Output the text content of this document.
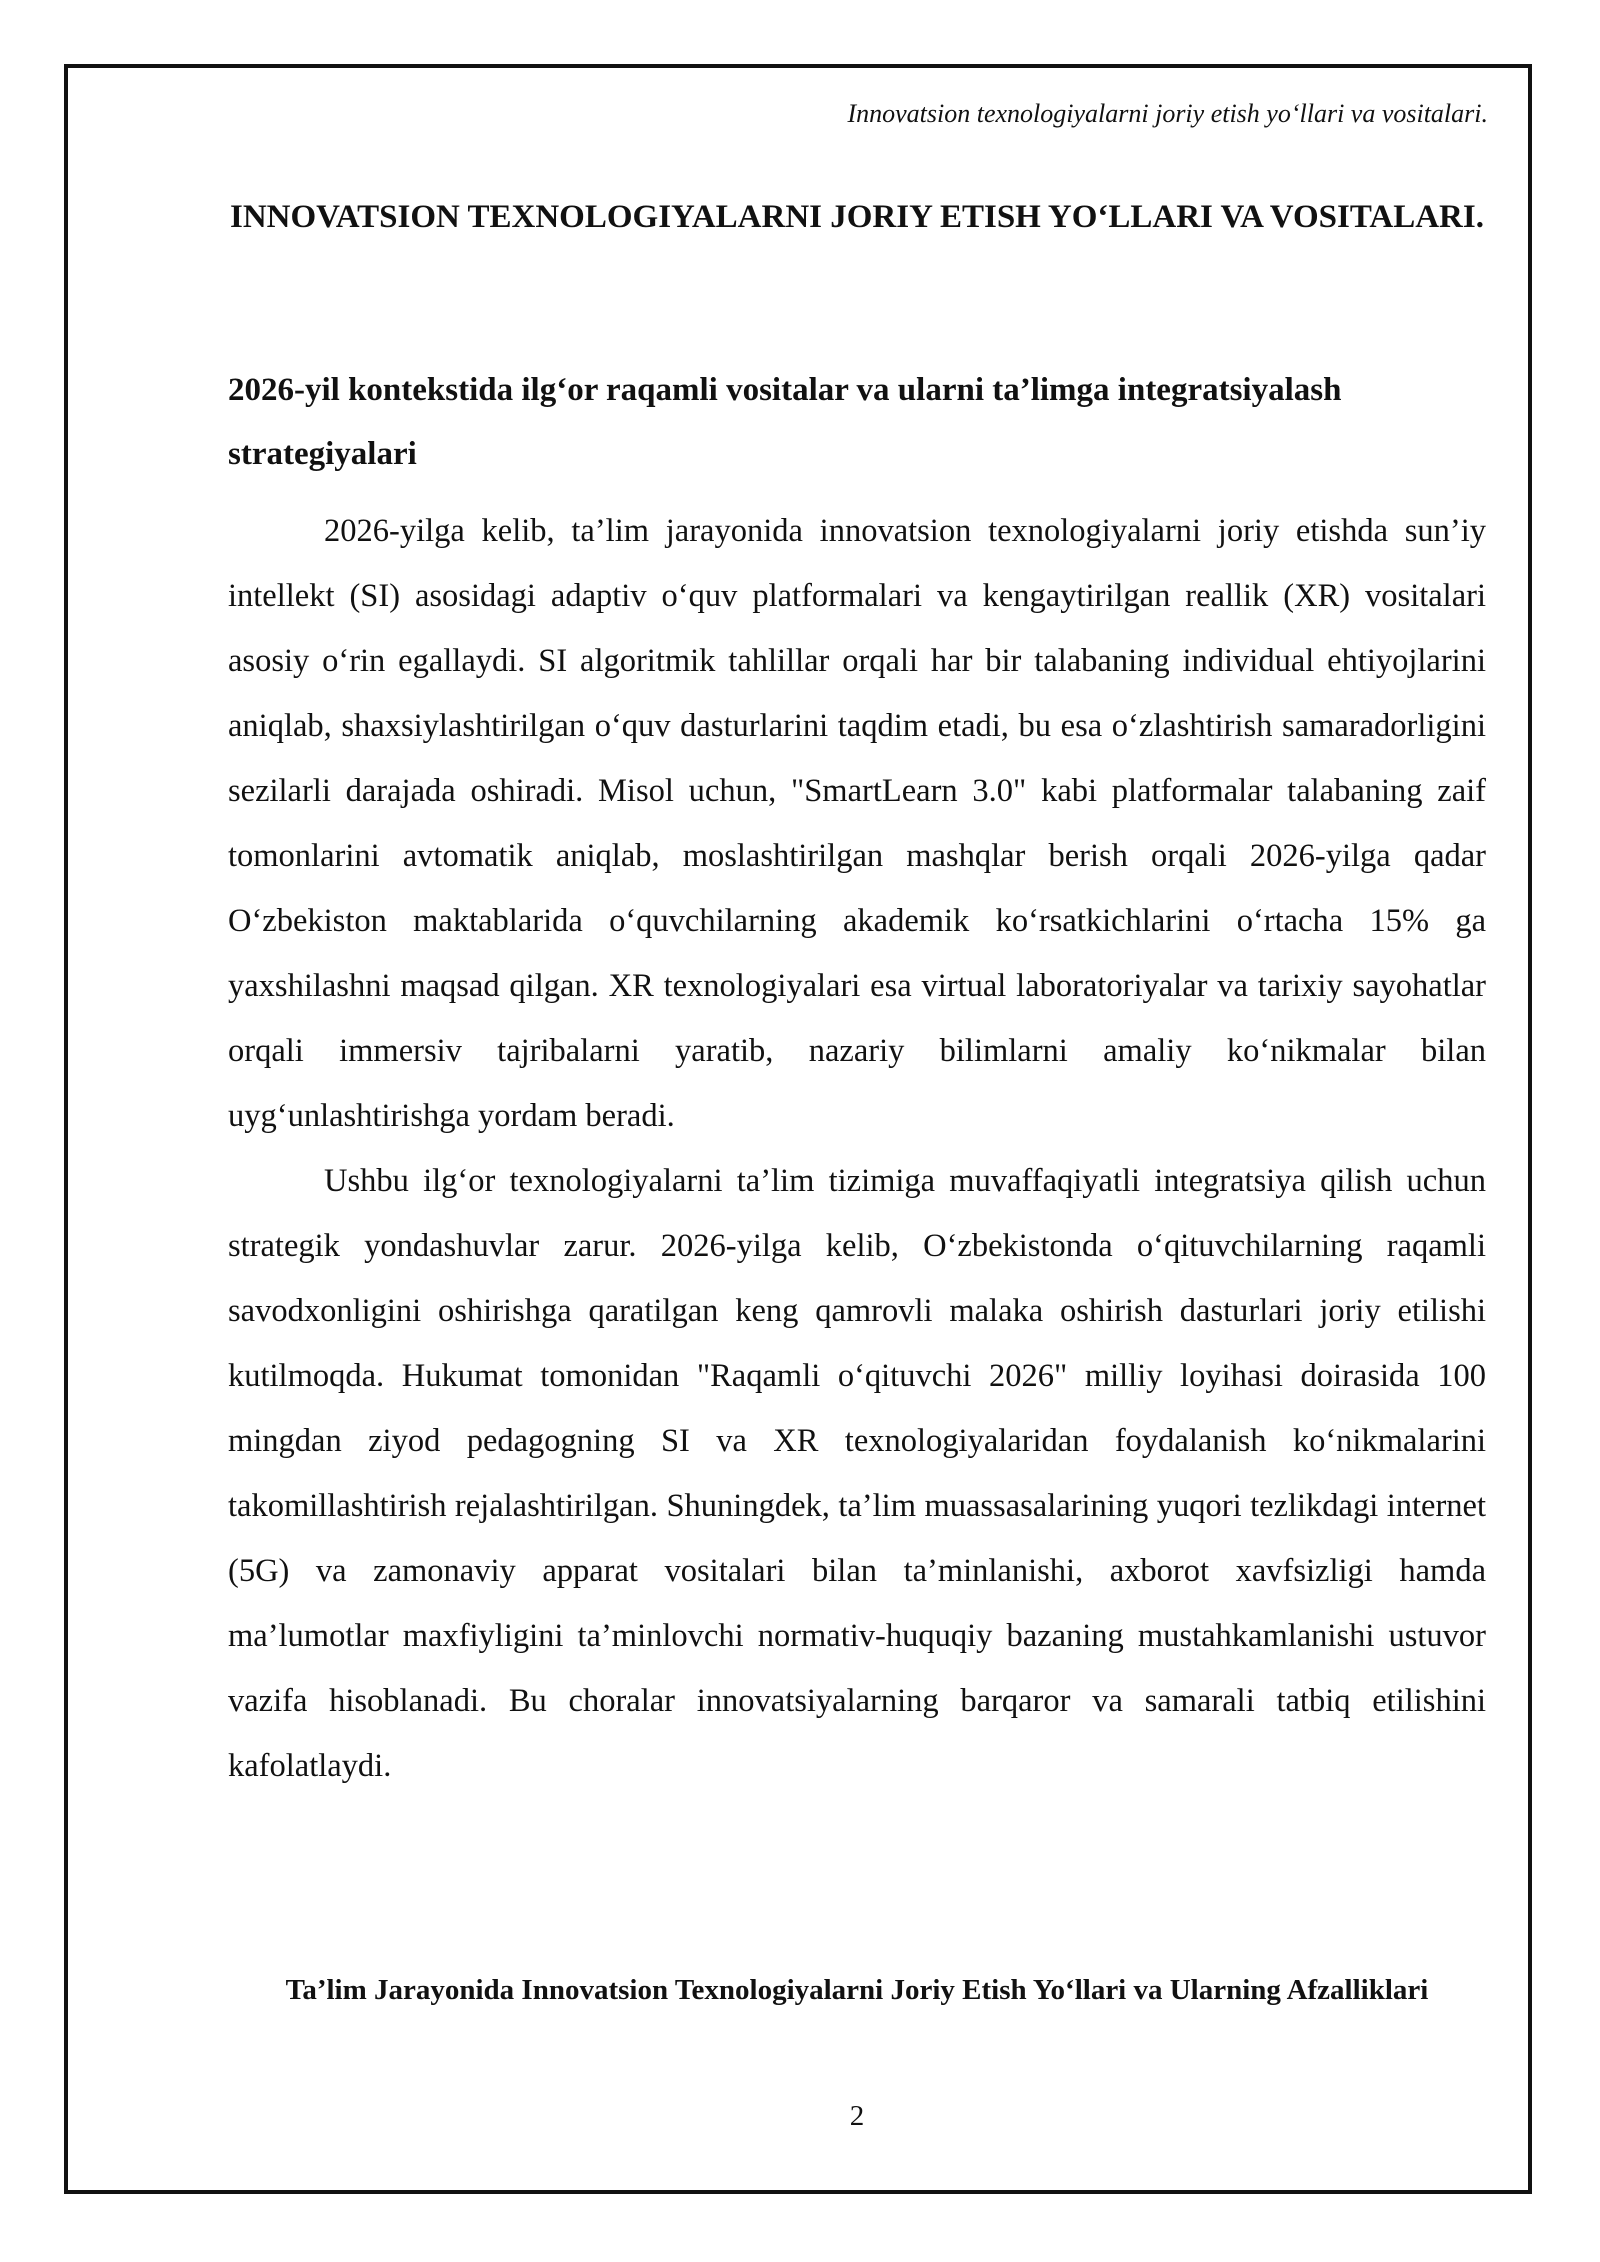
Innovatsion texnologiyalarni joriy etish yo‘llari va vositalari.
INNOVATSION TEXNOLOGIYALARNI JORIY ETISH YO‘LLARI VA VOSITALARI.
2026-yil kontekstida ilg‘or raqamli vositalar va ularni ta’limga integratsiyalash strategiyalari

2026-yilga kelib, ta’lim jarayonida innovatsion texnologiyalarni joriy etishda sun’iy intellekt (SI) asosidagi adaptiv o‘quv platformalari va kengaytirilgan reallik (XR) vositalari asosiy o‘rin egallaydi. SI algoritmik tahlillar orqali har bir talabaning individual ehtiyojlarini aniqlab, shaxsiylashtirilgan o‘quv dasturlarini taqdim etadi, bu esa o‘zlashtirish samaradorligini sezilarli darajada oshiradi. Misol uchun, "SmartLearn 3.0" kabi platformalar talabaning zaif tomonlarini avtomatik aniqlab, moslashtirilgan mashqlar berish orqali 2026-yilga qadar O‘zbekiston maktablarida o‘quvchilarning akademik ko‘rsatkichlarini o‘rtacha 15% ga yaxshilashni maqsad qilgan. XR texnologiyalari esa virtual laboratoriyalar va tarixiy sayohatlar orqali immersiv tajribalarni yaratib, nazariy bilimlarni amaliy ko‘nikmalar bilan uyg‘unlashtirishga yordam beradi.

Ushbu ilg‘or texnologiyalarni ta’lim tizimiga muvaffaqiyatli integratsiya qilish uchun strategik yondashuvlar zarur. 2026-yilga kelib, O‘zbekistonda o‘qituvchilarning raqamli savodxonligini oshirishga qaratilgan keng qamrovli malaka oshirish dasturlari joriy etilishi kutilmoqda. Hukumat tomonidan "Raqamli o‘qituvchi 2026" milliy loyihasi doirasida 100 mingdan ziyod pedagogning SI va XR texnologiyalaridan foydalanish ko‘nikmalarini takomillashtirish rejalashtirilgan. Shuningdek, ta’lim muassasalarining yuqori tezlikdagi internet (5G) va zamonaviy apparat vositalari bilan ta’minlanishi, axborot xavfsizligi hamda ma’lumotlar maxfiyligini ta’minlovchi normativ-huquqiy bazaning mustahkamlanishi ustuvor vazifa hisoblanadi. Bu choralar innovatsiyalarning barqaror va samarali tatbiq etilishini kafolatlaydi.

Ta’lim Jarayonida Innovatsion Texnologiyalarni Joriy Etish Yo‘llari va Ularning Afzalliklari
2
